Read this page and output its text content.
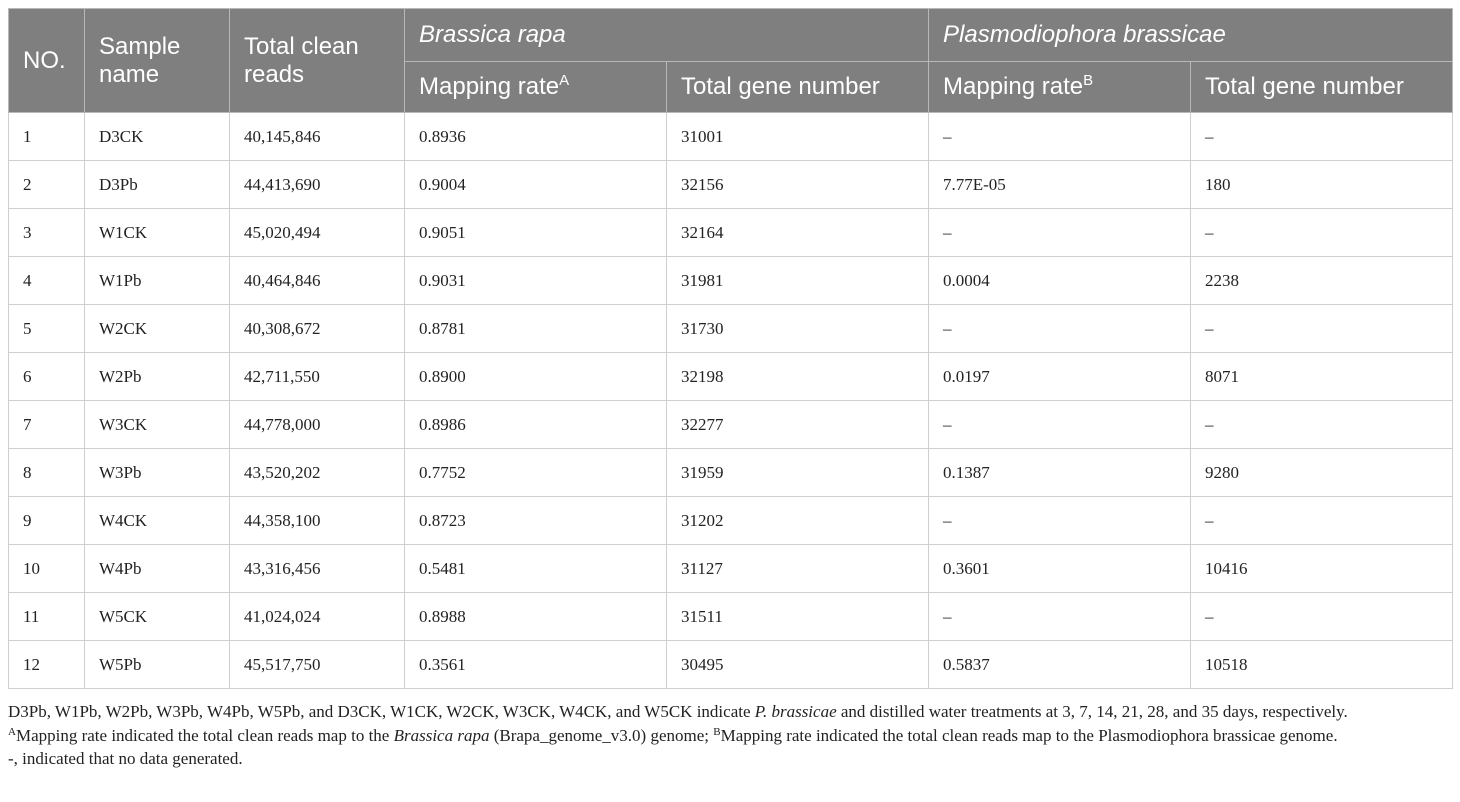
NO.	Sample name	Total clean reads	Brassica rapa		Plasmodiophora brassicae	
			Mapping rate$^A$	Total gene number	Mapping rate$^B$	Total gene number
1	D3CK	40,145,846	0.8936	31001	–	–
2	D3Pb	44,413,690	0.9004	32156	7.77E-05	180
3	W1CK	45,020,494	0.9051	32164	–	–
4	W1Pb	40,464,846	0.9031	31981	0.0004	2238
5	W2CK	40,308,672	0.8781	31730	–	–
6	W2Pb	42,711,550	0.8900	32198	0.0197	8071
7	W3CK	44,778,000	0.8986	32277	–	–
8	W3Pb	43,520,202	0.7752	31959	0.1387	9280
9	W4CK	44,358,100	0.8723	31202	–	–
10	W4Pb	43,316,456	0.5481	31127	0.3601	10416
11	W5CK	41,024,024	0.8988	31511	–	–
12	W5Pb	45,517,750	0.3561	30495	0.5837	10518

D3Pb, W1Pb, W2Pb, W3Pb, W4Pb, W5Pb, and D3CK, W1CK, W2CK, W3CK, W4CK, and W5CK indicate P. brassicae and distilled water treatments at 3, 7, 14, 21, 28, and 35 days, respectively.

$^A$Mapping rate indicated the total clean reads map to the Brassica rapa (Brapa_genome_v3.0) genome; $^B$Mapping rate indicated the total clean reads map to the Plasmodiophora brassicae genome.

-, indicated that no data generated.
